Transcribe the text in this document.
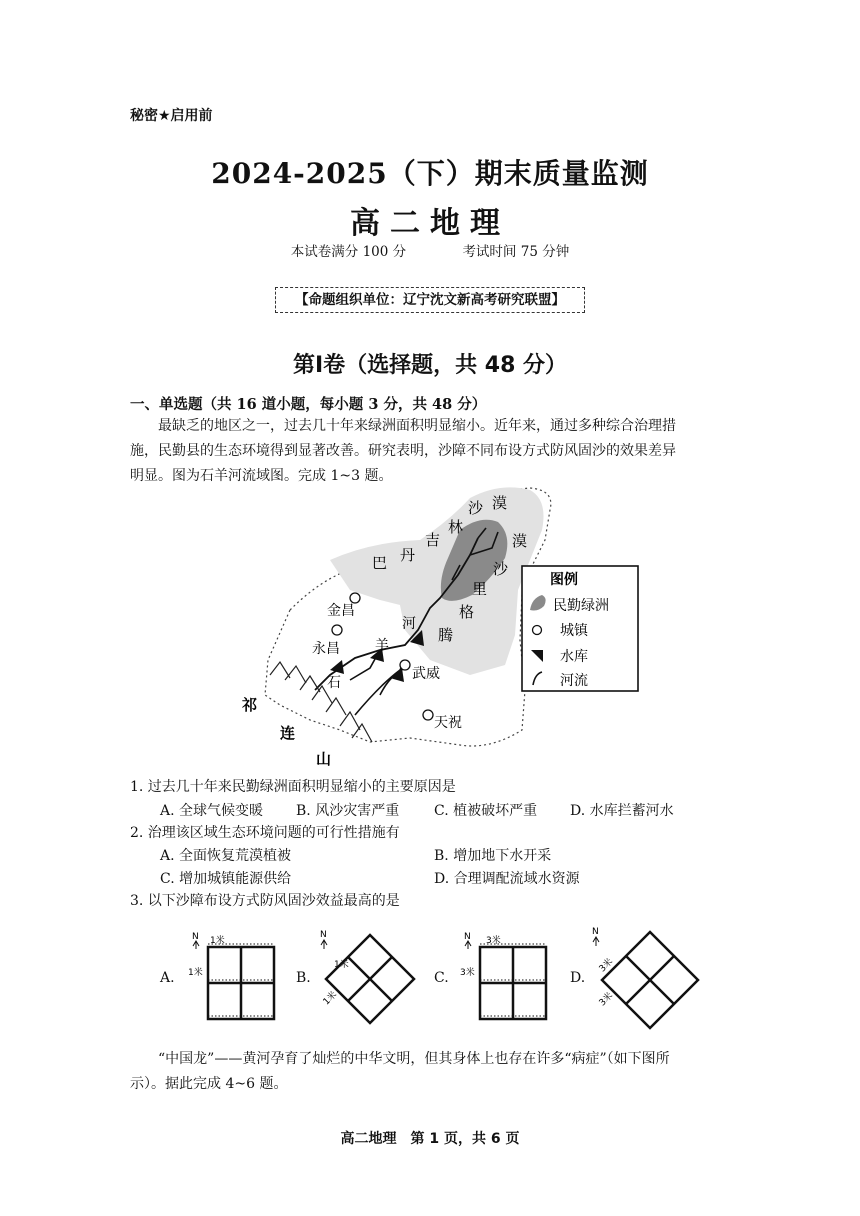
秘密★启用前
2024-2025（下）期末质量监测
高二地理
本试卷满分 100 分	考试时间 75 分钟
【命题组织单位：辽宁沈文新高考研究联盟】
第Ⅰ卷（选择题，共 48 分）
一、单选题（共 16 道小题，每小题 3 分，共 48 分）
最缺乏的地区之一，过去几十年来绿洲面积明显缩小。近年来，通过多种综合治理措
施，民勤县的生态环境得到显著改善。研究表明，沙障不同布设方式防风固沙的效果差异
明显。图为石羊河流域图。完成 1~3 题。
沙 漠
林
吉
丹
巴
漠
沙
里
格
腾
金昌
永昌
河
羊
石
武威
天祝
祁
连
山
图例
民勤绿洲
城镇
水库
河流
1. 过去几十年来民勤绿洲面积明显缩小的主要原因是
A. 全球气候变暖 B. 风沙灾害严重 C. 植被破坏严重 D. 水库拦蓄河水
2. 治理该区域生态环境问题的可行性措施有
A. 全面恢复荒漠植被	B. 增加地下水开采
C. 增加城镇能源供给	D. 合理调配流域水资源
3. 以下沙障布设方式防风固沙效益最高的是
A.
N 1米
1米	B.
N
1米
1米
C.
N 3米
3米	D.
N
3米
3米
“中国龙”——黄河孕育了灿烂的中华文明，但其身体上也存在许多“病症”（如下图所
示）。据此完成 4~6 题。
高二地理　第 1 页，共 6 页
